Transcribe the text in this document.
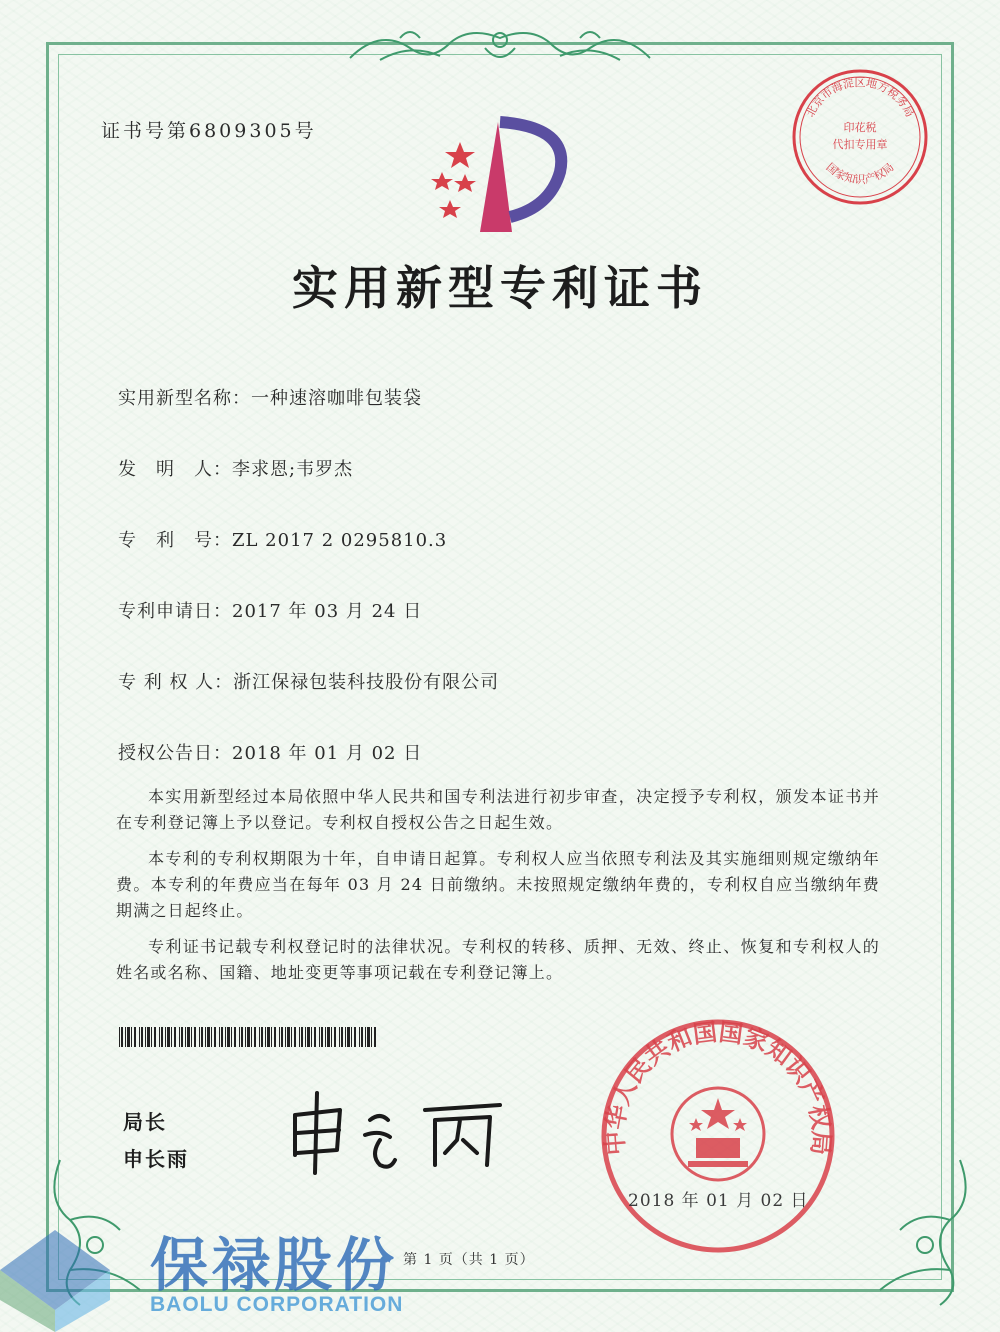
证书号第6809305号
实用新型专利证书
实用新型名称：一种速溶咖啡包装袋
发　明　人：李求恩;韦罗杰
专　利　号：ZL 2017 2 0295810.3
专利申请日：2017 年 03 月 24 日
专 利 权 人：浙江保禄包装科技股份有限公司
授权公告日：2018 年 01 月 02 日

本实用新型经过本局依照中华人民共和国专利法进行初步审查，决定授予专利权，颁发本证书并在专利登记簿上予以登记。专利权自授权公告之日起生效。

本专利的专利权期限为十年，自申请日起算。专利权人应当依照专利法及其实施细则规定缴纳年费。本专利的年费应当在每年 03 月 24 日前缴纳。未按照规定缴纳年费的，专利权自应当缴纳年费期满之日起终止。

专利证书记载专利权登记时的法律状况。专利权的转移、质押、无效、终止、恢复和专利权人的姓名或名称、国籍、地址变更等事项记载在专利登记簿上。

局长
申长雨
北京市海淀区地方税务局
印花税
代扣专用章
国家知识产权局
中华人民共和国国家知识产权局
2018 年 01 月 02 日
第 1 页（共 1 页）
保禄股份
BAOLU CORPORATION
